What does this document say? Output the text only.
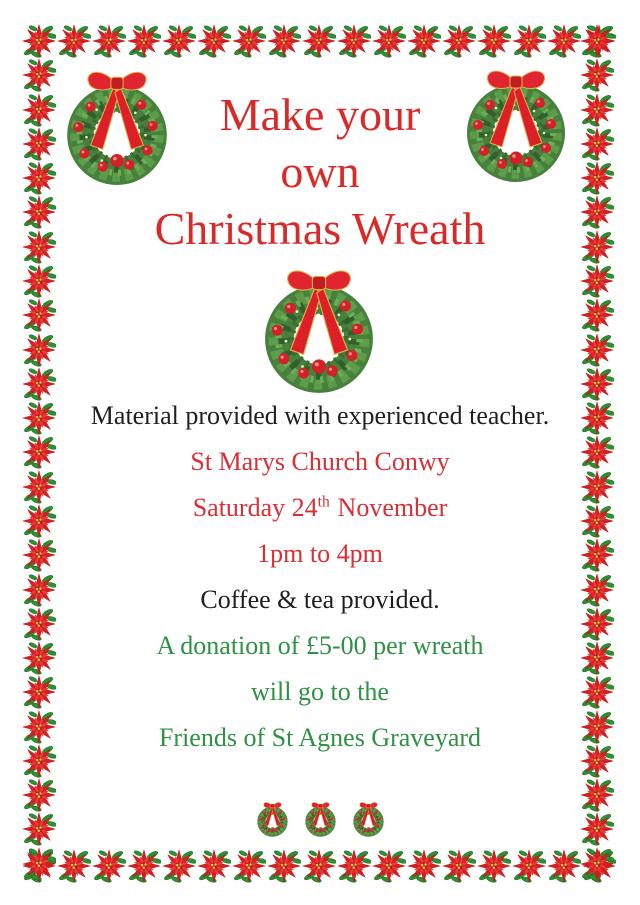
Make your
own
Christmas Wreath
Material provided with experienced teacher.
St Marys Church Conwy
Saturday 24th November
1pm to 4pm
Coffee & tea provided.
A donation of £5-00 per wreath
will go to the
Friends of St Agnes Graveyard
